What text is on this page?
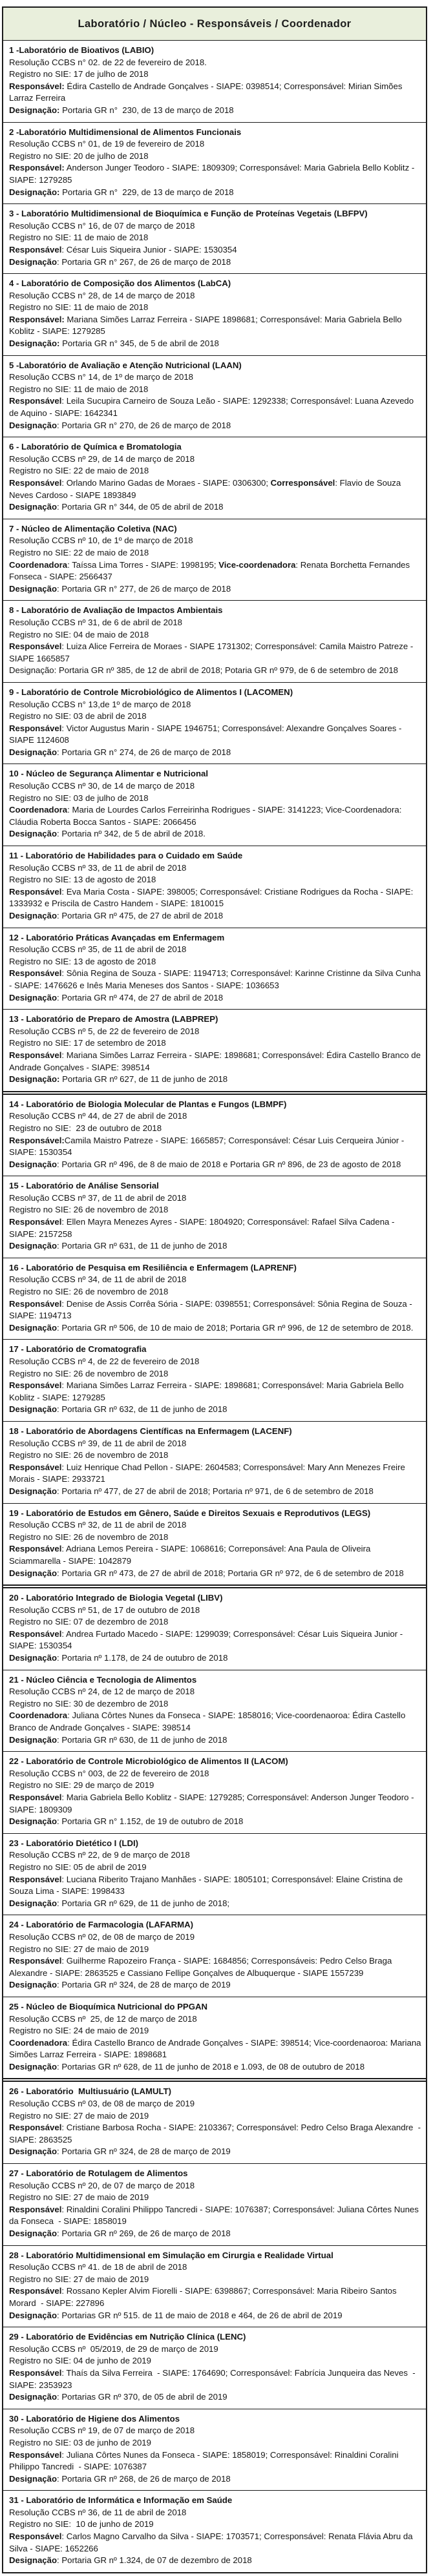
Laboratório / Núcleo - Responsáveis / Coordenador
1 -Laboratório de Bioativos (LABIO)
Resolução CCBS n° 02. de 22 de fevereiro de 2018.
Registro no SIE: 17 de julho de 2018
Responsável: Édira Castello de Andrade Gonçalves - SIAPE: 0398514; Corresponsável: Mirian Simões Larraz Ferreira
Designação: Portaria GR n°  230, de 13 de março de 2018
2 -Laboratório Multidimensional de Alimentos Funcionais
Resolução CCBS n° 01, de 19 de fevereiro de 2018
Registro no SIE: 20 de julho de 2018
Responsável: Anderson Junger Teodoro - SIAPE: 1809309; Corresponsável: Maria Gabriela Bello Koblitz - SIAPE: 1279285
Designação: Portaria GR n°  229, de 13 de março de 2018
3 - Laboratório Multidimensional de Bioquímica e Função de Proteínas Vegetais (LBFPV)
Resolução CCBS n° 16, de 07 de março de 2018
Registro no SIE: 11 de maio de 2018
Responsável: César Luis Siqueira Junior - SIAPE: 1530354
Designação: Portaria GR n° 267, de 26 de março de 2018
4 - Laboratório de Composição dos Alimentos (LabCA)
Resolução CCBS n° 28, de 14 de março de 2018
Registro no SIE: 11 de maio de 2018
Responsável: Mariana Simões Larraz Ferreira - SIAPE 1898681; Corresponsável: Maria Gabriela Bello Koblitz - SIAPE: 1279285
Designação: Portaria GR n° 345, de 5 de abril de 2018
5 -Laboratório de Avaliação e Atenção Nutricional (LAAN)
Resolução CCBS n° 14, de 1º de março de 2018
Registro no SIE: 11 de maio de 2018
Responsável: Leila Sucupira Carneiro de Souza Leão - SIAPE: 1292338; Corresponsável: Luana Azevedo de Aquino - SIAPE: 1642341
Designação: Portaria GR n° 270, de 26 de março de 2018
6 - Laboratório de Química e Bromatologia
Resolução CCBS nº 29, de 14 de março de 2018
Registro no SIE: 22 de maio de 2018
Responsável: Orlando Marino Gadas de Moraes - SIAPE: 0306300; Corresponsável: Flavio de Souza Neves Cardoso - SIAPE 1893849
Designação: Portaria GR n° 344, de 05 de abril de 2018
7 - Núcleo de Alimentação Coletiva (NAC)
Resolução CCBS nº 10, de 1º de março de 2018
Registro no SIE: 22 de maio de 2018
Coordenadora: Taíssa Lima Torres - SIAPE: 1998195; Vice-coordenadora: Renata Borchetta Fernandes Fonseca - SIAPE: 2566437
Designação: Portaria GR n° 277, de 26 de março de 2018
8 - Laboratório de Avaliação de Impactos Ambientais
Resolução CCBS nº 31, de 6 de abril de 2018
Registro no SIE: 04 de maio de 2018
Responsável: Luiza Alice Ferreira de Moraes - SIAPE 1731302; Corresponsável: Camila Maistro Patreze - SIAPE 1665857
Designação: Portaria GR nº 385, de 12 de abril de 2018; Potaria GR nº 979, de 6 de setembro de 2018
9 - Laboratório de Controle Microbiológico de Alimentos I (LACOMEN)
Resolução CCBS n° 13,de 1º de março de 2018
Registro no SIE: 03 de abril de 2018
Responsável: Victor Augustus Marin - SIAPE 1946751; Corresponsável: Alexandre Gonçalves Soares - SIAPE 1124608
Designação: Portaria GR n° 274, de 26 de março de 2018
10 - Núcleo de Segurança Alimentar e Nutricional
Resolução CCBS nº 30, de 14 de março de 2018
Registro no SIE: 03 de julho de 2018
Coordenadora: Maria de Lourdes Carlos Ferreirinha Rodrigues - SIAPE: 3141223; Vice-Coordenadora: Cláudia Roberta Bocca Santos - SIAPE: 2066456
Designação: Portaria nº 342, de 5 de abril de 2018.
11 - Laboratório de Habilidades para o Cuidado em Saúde
Resolução CCBS nº 33, de 11 de abril de 2018
Registro no SIE: 13 de agosto de 2018
Responsável: Eva Maria Costa - SIAPE: 398005; Corresponsável: Cristiane Rodrigues da Rocha - SIAPE: 1333932 e Priscila de Castro Handem - SIAPE: 1810015
Designação: Portaria GR nº 475, de 27 de abril de 2018
12 - Laboratório Práticas Avançadas em Enfermagem
Resolução CCBS nº 35, de 11 de abril de 2018
Registro no SIE: 13 de agosto de 2018
Responsável: Sônia Regina de Souza - SIAPE: 1194713; Corresponsável: Karinne Cristinne da Silva Cunha - SIAPE: 1476626 e Inês Maria Meneses dos Santos - SIAPE: 1036653
Designação: Portaria GR nº 474, de 27 de abril de 2018
13 - Laboratório de Preparo de Amostra (LABPREP)
Resolução CCBS nº 5, de 22 de fevereiro de 2018
Registro no SIE: 17 de setembro de 2018
Responsável: Mariana Simões Larraz Ferreira - SIAPE: 1898681; Corresponsável: Édira Castello Branco de Andrade Gonçalves - SIAPE: 398514
Designação: Portaria GR nº 627, de 11 de junho de 2018
14 - Laboratório de Biologia Molecular de Plantas e Fungos (LBMPF)
Resolução CCBS nº 44, de 27 de abril de 2018
Registro no SIE:  23 de outubro de 2018
Responsável:Camila Maistro Patreze - SIAPE: 1665857; Corresponsável: César Luis Cerqueira Júnior - SIAPE: 1530354
Designação: Portaria GR nº 496, de 8 de maio de 2018 e Portaria GR nº 896, de 23 de agosto de 2018
15 - Laboratório de Análise Sensorial
Resolução CCBS nº 37, de 11 de abril de 2018
Registro no SIE: 26 de novembro de 2018
Responsável: Ellen Mayra Menezes Ayres - SIAPE: 1804920; Corresponsável: Rafael Silva Cadena - SIAPE: 2157258
Designação: Portaria GR nº 631, de 11 de junho de 2018
16 - Laboratório de Pesquisa em Resiliência e Enfermagem (LAPRENF)
Resolução CCBS nº 34, de 11 de abril de 2018
Registro no SIE: 26 de novembro de 2018
Responsável: Denise de Assis Corrêa Sória - SIAPE: 0398551; Corresponsável: Sônia Regina de Souza - SIAPE: 1194713
Designação: Portaria GR nº 506, de 10 de maio de 2018; Portaria GR nº 996, de 12 de setembro de 2018.
17 - Laboratório de Cromatografia
Resolução CCBS nº 4, de 22 de fevereiro de 2018
Registro no SIE: 26 de novembro de 2018
Responsável: Mariana Simões Larraz Ferreira - SIAPE: 1898681; Corresponsável: Maria Gabriela Bello Koblitz - SIAPE: 1279285
Designação: Portaria GR nº 632, de 11 de junho de 2018
18 - Laboratório de Abordagens Científicas na Enfermagem (LACENF)
Resolução CCBS nº 39, de 11 de abril de 2018
Registro no SIE: 26 de novembro de 2018
Responsável: Luiz Henrique Chad Pellon - SIAPE: 2604583; Corresponsável: Mary Ann Menezes Freire Morais - SIAPE: 2933721
Designação: Portaria nº 477, de 27 de abril de 2018; Portaria nº 971, de 6 de setembro de 2018
19 - Laboratório de Estudos em Gênero, Saúde e Direitos Sexuais e Reprodutivos (LEGS)
Resolução CCBS nº 32, de 11 de abril de 2018
Registro no SIE: 26 de novembro de 2018
Responsável: Adriana Lemos Pereira - SIAPE: 1068616; Correponsável: Ana Paula de Oliveira Sciammarella - SIAPE: 1042879
Designação: Portaria GR nº 473, de 27 de abril de 2018; Portaria GR nº 972, de 6 de setembro de 2018
20 - Laboratório Integrado de Biologia Vegetal (LIBV)
Resolução CCBS nº 51, de 17 de outubro de 2018
Registro no SIE: 07 de dezembro de 2018
Responsável: Andrea Furtado Macedo - SIAPE: 1299039; Corresponsável: César Luis Siqueira Junior - SIAPE: 1530354
Designação: Portaria nº 1.178, de 24 de outubro de 2018
21 - Núcleo Ciência e Tecnologia de Alimentos
Resolução CCBS nº 24, de 12 de março de 2018
Registro no SIE: 30 de dezembro de 2018
Coordenadora: Juliana Côrtes Nunes da Fonseca - SIAPE: 1858016; Vice-coordenaoroa: Édira Castello Branco de Andrade Gonçalves - SIAPE: 398514
Designação: Portaria GR nº 630, de 11 de junho de 2018
22 - Laboratório de Controle Microbiológico de Alimentos II (LACOM)
Resolução CCBS n° 003, de 22 de fevereiro de 2018
Registro no SIE: 29 de março de 2019
Responsável: Maria Gabriela Bello Koblitz - SIAPE: 1279285; Corresponsável: Anderson Junger Teodoro - SIAPE: 1809309
Designação: Portaria GR n° 1.152, de 19 de outubro de 2018
23 - Laboratório Dietético I (LDI)
Resolução CCBS nº 22, de 9 de março de 2018
Registro no SIE: 05 de abril de 2019
Responsável: Luciana Riberito Trajano Manhães - SIAPE: 1805101; Corresponsável: Elaine Cristina de Souza Lima - SIAPE: 1998433
Designação: Portaria GR nº 629, de 11 de junho de 2018;
24 - Laboratório de Farmacologia (LAFARMA)
Resolução CCBS nº 02, de 08 de março de 2019
Registro no SIE: 27 de maio de 2019
Responsável: Guilherme Rapozeiro França - SIAPE: 1684856; Corresponsáveis: Pedro Celso Braga Alexandre - SIAPE: 2863525 e Cassiano Fellipe Gonçalves de Albuquerque - SIAPE 1557239
Designação: Portaria GR nº 324, de 28 de março de 2019
25 - Núcleo de Bioquímica Nutricional do PPGAN
Resolução CCBS nº  25, de 12 de março de 2018
Registro no SIE: 24 de maio de 2019
Coordenadora: Édira Castello Branco de Andrade Gonçalves - SIAPE: 398514; Vice-coordenaoroa: Mariana Simões Larraz Ferreira - SIAPE: 1898681
Designação: Portarias GR nº 628, de 11 de junho de 2018 e 1.093, de 08 de outubro de 2018
26 - Laboratório  Multiusuário (LAMULT)
Resolução CCBS nº 03, de 08 de março de 2019
Registro no SIE: 27 de maio de 2019
Responsável: Cristiane Barbosa Rocha - SIAPE: 2103367; Corresponsável: Pedro Celso Braga Alexandre  - SIAPE: 2863525
Designação: Portaria GR nº 324, de 28 de março de 2019
27 - Laboratório de Rotulagem de Alimentos
Resolução CCBS nº 20, de 07 de março de 2018
Registro no SIE: 27 de maio de 2019
Responsável: Rinaldini Coralini Philippo Tancredi - SIAPE: 1076387; Corresponsável: Juliana Côrtes Nunes da Fonseca  - SIAPE: 1858019
Designação: Portaria GR nº 269, de 26 de março de 2018
28 - Laboratório Multidimensional em Simulação em Cirurgia e Realidade Virtual
Resolução CCBS nº 41. de 18 de abril de 2018
Registro no SIE: 27 de maio de 2019
Responsável: Rossano Kepler Alvim Fiorelli - SIAPE: 6398867; Corresponsável: Maria Ribeiro Santos Morard  - SIAPE: 227896
Designação: Portarias GR nº 515. de 11 de maio de 2018 e 464, de 26 de abril de 2019
29 - Laboratório de Evidências em Nutrição Clínica (LENC)
Resolução CCBS nº  05/2019, de 29 de março de 2019
Registro no SIE: 04 de junho de 2019
Responsável: Thaís da Silva Ferreira  - SIAPE: 1764690; Corresponsável: Fabrícia Junqueira das Neves  - SIAPE: 2353923
Designação: Portarias GR nº 370, de 05 de abril de 2019
30 - Laboratório de Higiene dos Alimentos
Resolução CCBS nº 19, de 07 de março de 2018
Registro no SIE: 03 de junho de 2019
Responsável: Juliana Côrtes Nunes da Fonseca - SIAPE: 1858019; Corresponsável: Rinaldini Coralini Philippo Tancredi  - SIAPE: 1076387
Designação: Portaria GR nº 268, de 26 de março de 2018
31 - Laboratório de Informática e Informação em Saúde
Resolução CCBS nº 36, de 11 de abril de 2018
Registro no SIE:  10 de junho de 2019
Responsável: Carlos Magno Carvalho da Silva - SIAPE: 1703571; Corresponsável: Renata Flávia Abru da Silva - SIAPE: 1652266
Designação: Portaria GR nº 1.324, de 07 de dezembro de 2018
